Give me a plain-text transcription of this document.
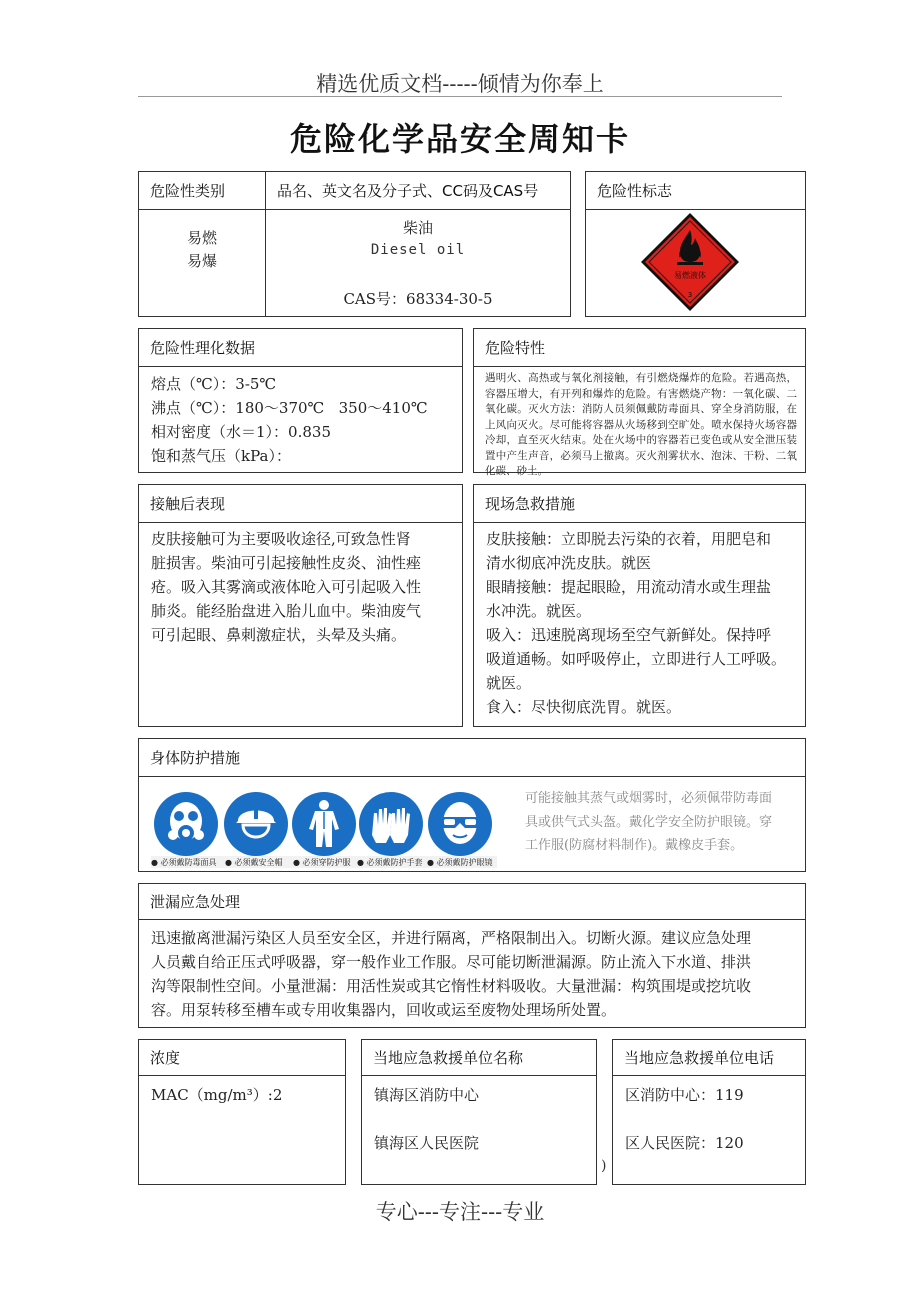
精选优质文档-----倾情为你奉上
危险化学品安全周知卡
危险性类别
易燃
易爆
品名、英文名及分子式、CC码及CAS号
柴油
Diesel oil
CAS号：68334-30-5
危险性标志
易燃液体
3
危险性理化数据
熔点（℃）：3-5℃
沸点（℃）：180～370℃   350～410℃
相对密度（水＝1）：0.835
饱和蒸气压（kPa）：
危险特性
遇明火、高热或与氧化剂接触，有引燃烧爆炸的危险。若遇高热，容器压增大，有开列和爆炸的危险。有害燃烧产物：一氧化碳、二氧化碳。灭火方法：消防人员须佩戴防毒面具、穿全身消防服，在上风向灭火。尽可能将容器从火场移到空旷处。喷水保持火场容器冷却，直至灭火结束。处在火场中的容器若已变色或从安全泄压装置中产生声音，必须马上撤离。灭火剂雾状水、泡沫、干粉、二氧化碳、砂土。
接触后表现
皮肤接触可为主要吸收途径,可致急性肾
脏损害。柴油可引起接触性皮炎、油性痤
疮。吸入其雾滴或液体呛入可引起吸入性
肺炎。能经胎盘进入胎儿血中。柴油废气
可引起眼、鼻刺激症状，头晕及头痛。
现场急救措施
皮肤接触：立即脱去污染的衣着，用肥皂和
清水彻底冲洗皮肤。就医
眼睛接触：提起眼睑，用流动清水或生理盐
水冲洗。就医。
吸入：迅速脱离现场至空气新鲜处。保持呼
吸道通畅。如呼吸停止，立即进行人工呼吸。
就医。
食入：尽快彻底洗胃。就医。
身体防护措施
● 必须戴防毒面具 ● 必须戴安全帽 ● 必须穿防护服 ● 必须戴防护手套 ● 必须戴防护眼镜
可能接触其蒸气或烟雾时，必须佩带防毒面
具或供气式头盔。戴化学安全防护眼镜。穿
工作服(防腐材料制作)。戴橡皮手套。
泄漏应急处理
迅速撤离泄漏污染区人员至安全区，并进行隔离，严格限制出入。切断火源。建议应急处理
人员戴自给正压式呼吸器，穿一般作业工作服。尽可能切断泄漏源。防止流入下水道、排洪
沟等限制性空间。小量泄漏：用活性炭或其它惰性材料吸收。大量泄漏：构筑围堤或挖坑收
容。用泵转移至槽车或专用收集器内，回收或运至废物处理场所处置。
浓度
MAC（mg/m³）:2
当地应急救援单位名称
镇海区消防中心
镇海区人民医院
当地应急救援单位电话
区消防中心：119
区人民医院：120
)
专心---专注---专业
